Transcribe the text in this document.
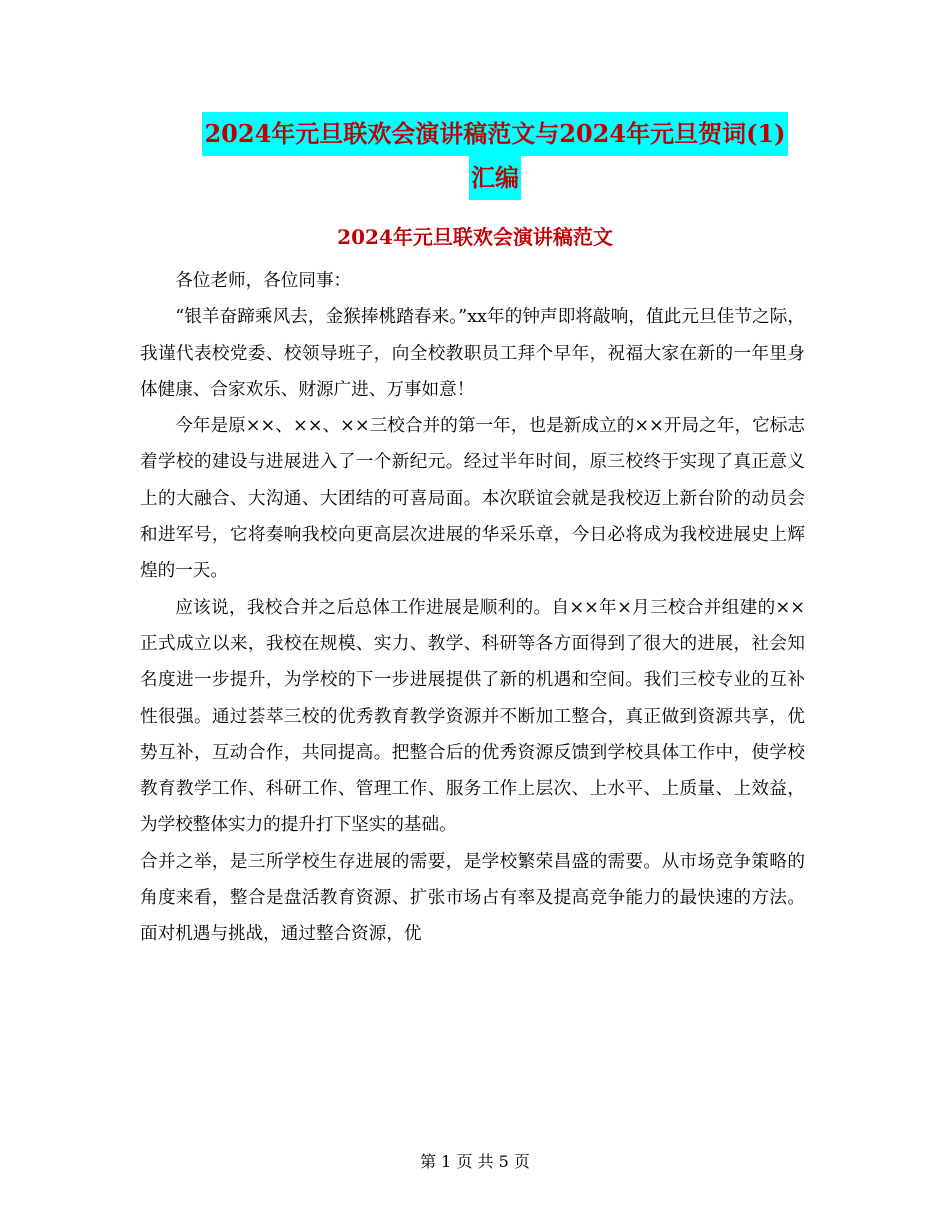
2024年元旦联欢会演讲稿范文与2024年元旦贺词(1)
汇编
2024年元旦联欢会演讲稿范文

各位老师，各位同事：

“银羊奋蹄乘风去，金猴捧桃踏春来。”xx年的钟声即将敲响，值此元旦佳节之际，我谨代表校党委、校领导班子，向全校教职员工拜个早年，祝福大家在新的一年里身体健康、合家欢乐、财源广进、万事如意！

今年是原××、××、××三校合并的第一年，也是新成立的××开局之年，它标志着学校的建设与进展进入了一个新纪元。经过半年时间，原三校终于实现了真正意义上的大融合、大沟通、大团结的可喜局面。本次联谊会就是我校迈上新台阶的动员会和进军号，它将奏响我校向更高层次进展的华采乐章，今日必将成为我校进展史上辉煌的一天。

应该说，我校合并之后总体工作进展是顺利的。自××年×月三校合并组建的××正式成立以来，我校在规模、实力、教学、科研等各方面得到了很大的进展，社会知名度进一步提升，为学校的下一步进展提供了新的机遇和空间。我们三校专业的互补性很强。通过荟萃三校的优秀教育教学资源并不断加工整合，真正做到资源共享，优势互补，互动合作，共同提高。把整合后的优秀资源反馈到学校具体工作中，使学校教育教学工作、科研工作、管理工作、服务工作上层次、上水平、上质量、上效益，为学校整体实力的提升打下坚实的基础。

合并之举，是三所学校生存进展的需要，是学校繁荣昌盛的需要。从市场竞争策略的角度来看，整合是盘活教育资源、扩张市场占有率及提高竞争能力的最快速的方法。面对机遇与挑战，通过整合资源，优

第 1 页 共 5 页
